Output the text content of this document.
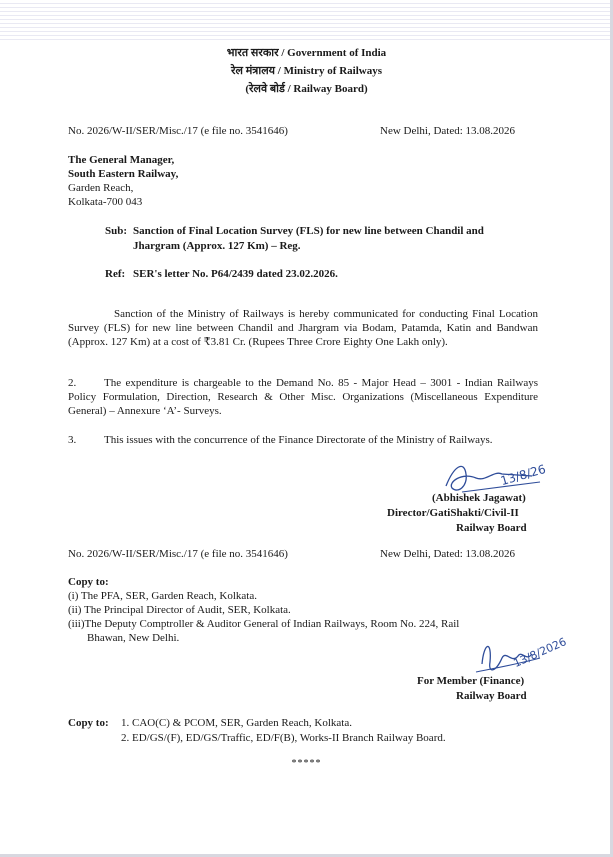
भारत सरकार / Government of India
रेल मंत्रालय / Ministry of Railways
(रेलवे बोर्ड / Railway Board)
No. 2026/W-II/SER/Misc./17 (e file no. 3541646)	New Delhi, Dated: 13.08.2026
The General Manager,
South Eastern Railway,
Garden Reach,
Kolkata-700 043
Sub: Sanction of Final Location Survey (FLS) for new line between Chandil and
Jhargram (Approx. 127 Km) – Reg.
Ref: SER's letter No. P64/2439 dated 23.02.2026.
Sanction of the Ministry of Railways is hereby communicated for conducting Final Location Survey (FLS) for new line between Chandil and Jhargram via Bodam, Patamda, Katin and Bandwan (Approx. 127 Km) at a cost of ₹3.81 Cr. (Rupees Three Crore Eighty One Lakh only).
2.	The expenditure is chargeable to the Demand No. 85 - Major Head – 3001 - Indian Railways Policy Formulation, Direction, Research & Other Misc. Organizations (Miscellaneous Expenditure General) – Annexure ‘A’- Surveys.
3.	This issues with the concurrence of the Finance Directorate of the Ministry of Railways.
13/8/26
(Abhishek Jagawat)
Director/GatiShakti/Civil-II
Railway Board
No. 2026/W-II/SER/Misc./17 (e file no. 3541646)	New Delhi, Dated: 13.08.2026
Copy to:
(i) The PFA, SER, Garden Reach, Kolkata.
(ii) The Principal Director of Audit, SER, Kolkata.
(iii)The Deputy Comptroller & Auditor General of Indian Railways, Room No. 224, Rail
Bhawan, New Delhi.	13/8/2026
For Member (Finance)
Railway Board
Copy to: 1. CAO(C) & PCOM, SER, Garden Reach, Kolkata.
2. ED/GS/(F), ED/GS/Traffic, ED/F(B), Works-II Branch Railway Board.
*****
